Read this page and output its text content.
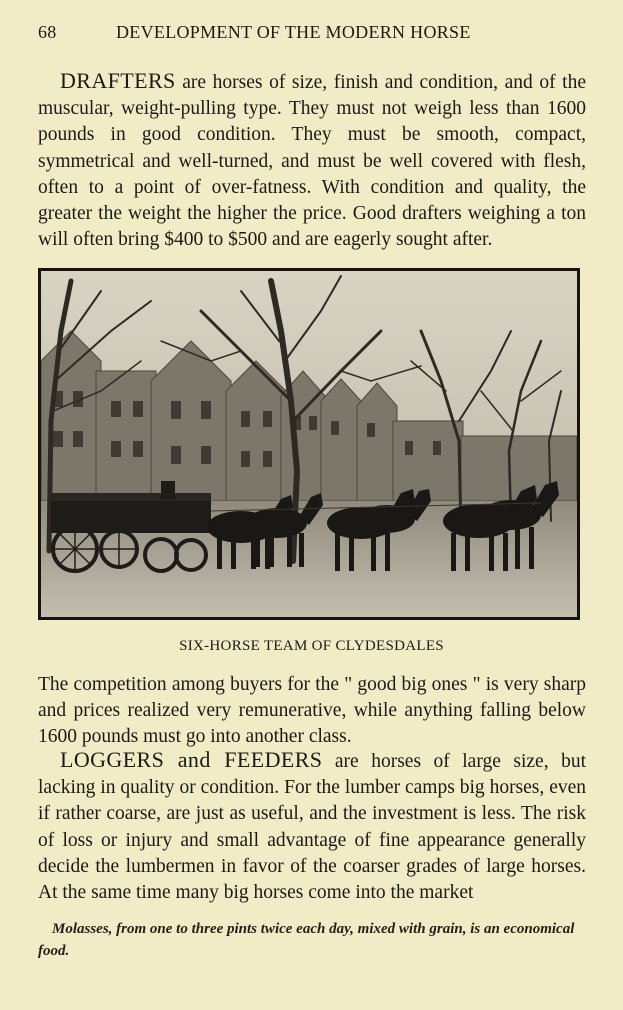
68	DEVELOPMENT OF THE MODERN HORSE

DRAFTERS are horses of size, finish and condition, and of the muscular, weight-pulling type. They must not weigh less than 1600 pounds in good condition. They must be smooth, compact, symmetrical and well-turned, and must be well covered with flesh, often to a point of over-fatness. With condition and quality, the greater the weight the higher the price. Good drafters weighing a ton will often bring $400 to $500 and are eagerly sought after.

SIX-HORSE TEAM OF CLYDESDALES

The competition among buyers for the " good big ones " is very sharp and prices realized very remunerative, while anything falling below 1600 pounds must go into another class.

LOGGERS and FEEDERS are horses of large size, but lacking in quality or condition. For the lumber camps big horses, even if rather coarse, are just as useful, and the investment is less. The risk of loss or injury and small advantage of fine appearance generally decide the lumbermen in favor of the coarser grades of large horses. At the same time many big horses come into the market

Molasses, from one to three pints twice each day, mixed with grain, is an economical food.
